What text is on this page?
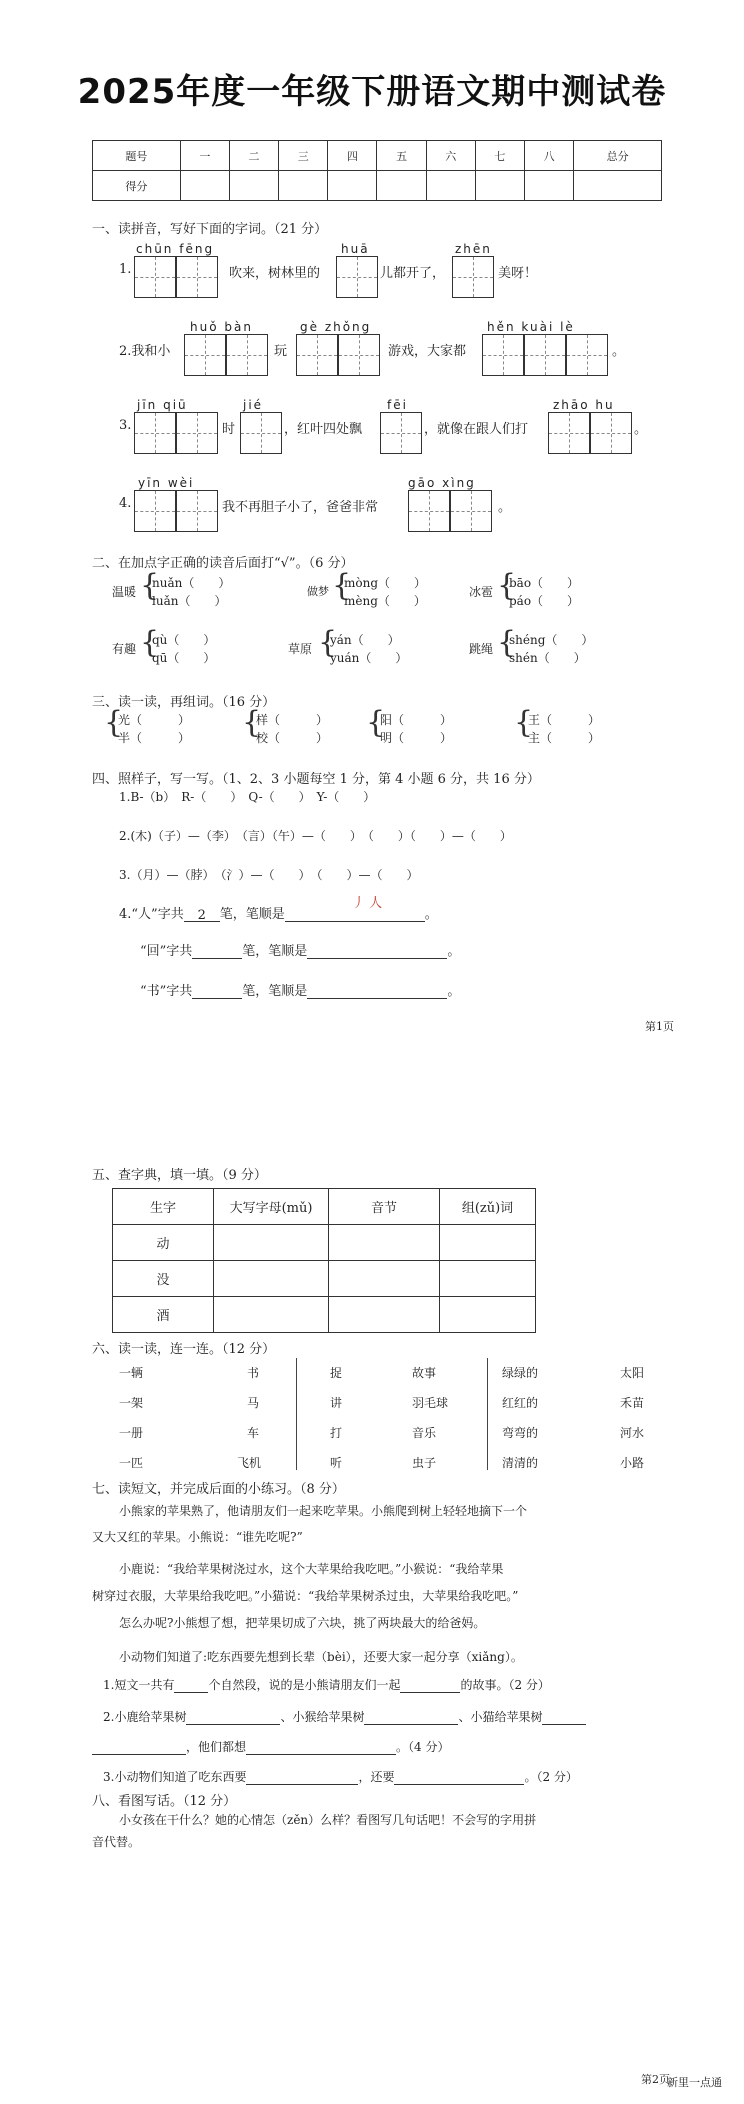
2025年度一年级下册语文期中测试卷
题号	一	二	三	四	五	六	七	八	总分
得分									
一、读拼音，写好下面的字词。（21 分）
1.
chūn fēng
吹来，树林里的
huā
儿都开了，
zhēn
美呀！
2.我和小
huǒ bàn
玩
gè zhǒng
游戏，大家都
hěn kuài lè
。
3.
jīn qiū
时
jié
，红叶四处飘
fēi
，就像在跟人们打
zhāo hu
。
4.
yīn wèi
我不再胆子小了，爸爸非常
gāo xìng
。
二、在加点字正确的读音后面打“√”。（6 分）
温暖 {
nuǎn（　　）
luǎn（　　）
做梦 {
mòng（　　）
mèng（　　）
冰雹 {
bāo（　　）
páo（　　）
有趣 {
qù（　　）
qū（　　）
草原 {
yán（　　）
yuán（　　）
跳绳 {
shéng（　　）
shén（　　）
三、读一读，再组词。（16 分）
{
光（　　　）
半（　　　） {
样（　　　）
校（　　　） {
阳（　　　）
明（　　　） {
王（　　　）
主（　　　）
四、照样子，写一写。（1、2、3 小题每空 1 分，第 4 小题 6 分，共 16 分）
1.B-（b）　R-（　　）　Q-（　　）　Y-（　　）
2.(木)（子）—（李）　（言）（午）—（　　）　（　　）（　　）—（　　）
3.（月）—（脖）　（氵）—（　　）　（　　）—（　　）
4.“人”字共 2 笔，笔顺是	。
丿 人
“回”字共	笔，笔顺是	。
“书”字共	笔，笔顺是	。
第1页
五、查字典，填一填。（9 分）
生字	大写字母(mǔ)	音节	组(zǔ)词
动			
没			
酒			
六、读一读，连一连。（12 分）
一辆	书
一架	马
一册	车
一匹	飞机
捉	故事
讲	羽毛球
打	音乐
听	虫子
绿绿的	太阳
红红的	禾苗
弯弯的	河水
清清的	小路
七、读短文，并完成后面的小练习。（8 分）
小熊家的苹果熟了，他请朋友们一起来吃苹果。小熊爬到树上轻轻地摘下一个
又大又红的苹果。小熊说：“谁先吃呢?”
小鹿说：“我给苹果树浇过水，这个大苹果给我吃吧。”小猴说：“我给苹果
树穿过衣服，大苹果给我吃吧。”小猫说：“我给苹果树杀过虫，大苹果给我吃吧。”
怎么办呢?小熊想了想，把苹果切成了六块，挑了两块最大的给爸妈。
小动物们知道了:吃东西要先想到长辈（bèi），还要大家一起分享（xiǎng）。
1.短文一共有	个自然段，说的是小熊请朋友们一起	的故事。（2 分）
2.小鹿给苹果树	、小猴给苹果树	、小猫给苹果树
，他们都想	。（4 分）
3.小动物们知道了吃东西要	，还要	。（2 分）
八、看图写话。（12 分）
小女孩在干什么？她的心情怎（zěn）么样？看图写几句话吧！不会写的字用拼
音代替。
第2页
新里一点通
